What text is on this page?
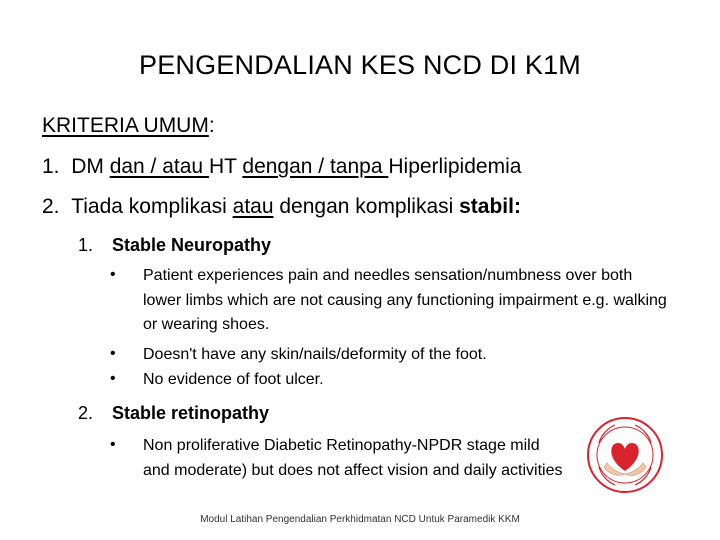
PENGENDALIAN KES NCD DI K1M
KRITERIA UMUM:
1. DM dan / atau HT dengan / tanpa Hiperlipidemia
2. Tiada komplikasi atau dengan komplikasi stabil:
1. Stable Neuropathy
• Patient experiences pain and needles sensation/numbness over both lower limbs which are not causing any functioning impairment e.g. walking or wearing shoes.
• Doesn't have any skin/nails/deformity of the foot.
• No evidence of foot ulcer.
2. Stable retinopathy
• Non proliferative Diabetic Retinopathy-NPDR stage mild and moderate) but does not affect vision and daily activities
Modul Latihan Pengendalian Perkhidmatan NCD Untuk Paramedik KKM
